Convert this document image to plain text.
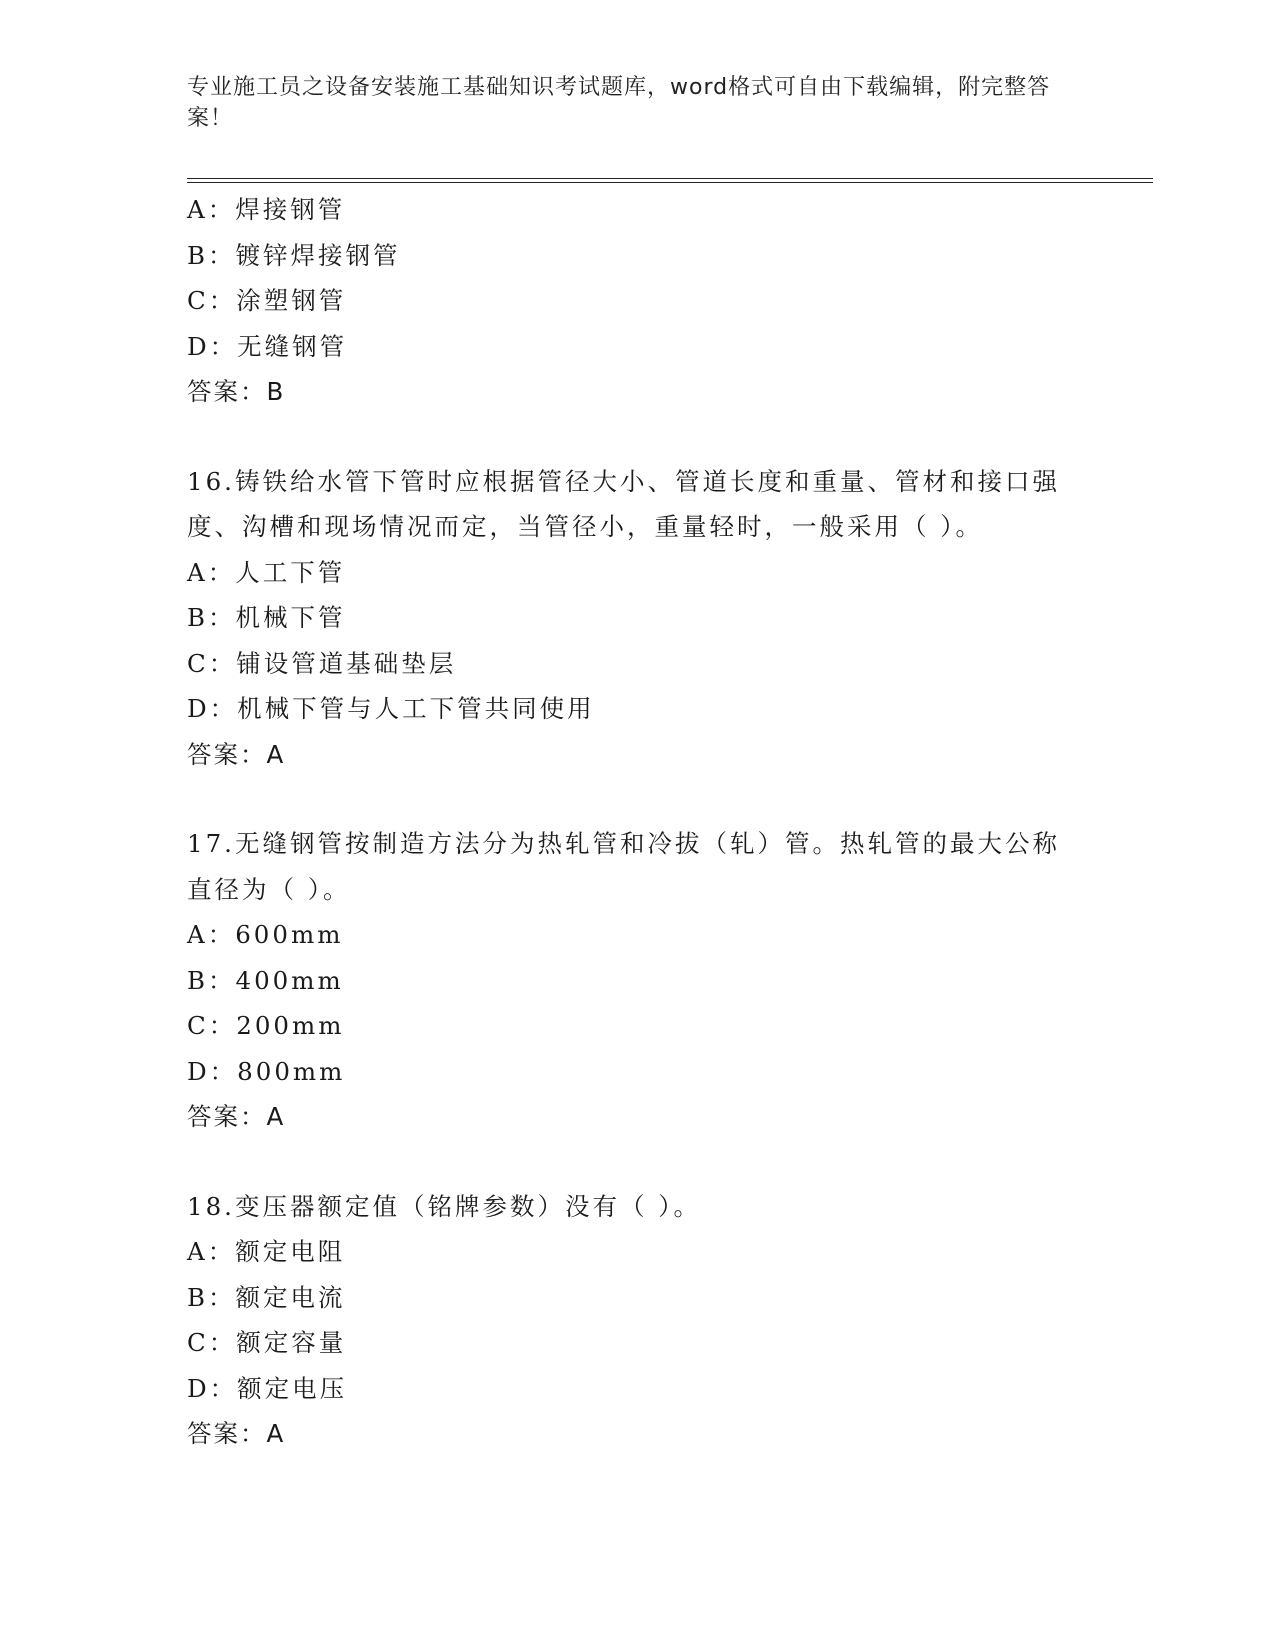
专业施工员之设备安装施工基础知识考试题库，word格式可自由下载编辑，附完整答案！
A：焊接钢管
B：镀锌焊接钢管
C：涂塑钢管
D：无缝钢管
答案：B
16.铸铁给水管下管时应根据管径大小、管道长度和重量、管材和接口强度、沟槽和现场情况而定，当管径小，重量轻时，一般采用（ ）。
A：人工下管
B：机械下管
C：铺设管道基础垫层
D：机械下管与人工下管共同使用
答案：A
17.无缝钢管按制造方法分为热轧管和冷拔（轧）管。热轧管的最大公称直径为（ ）。
A：600mm
B：400mm
C：200mm
D：800mm
答案：A
18.变压器额定值（铭牌参数）没有（ ）。
A：额定电阻
B：额定电流
C：额定容量
D：额定电压
答案：A
